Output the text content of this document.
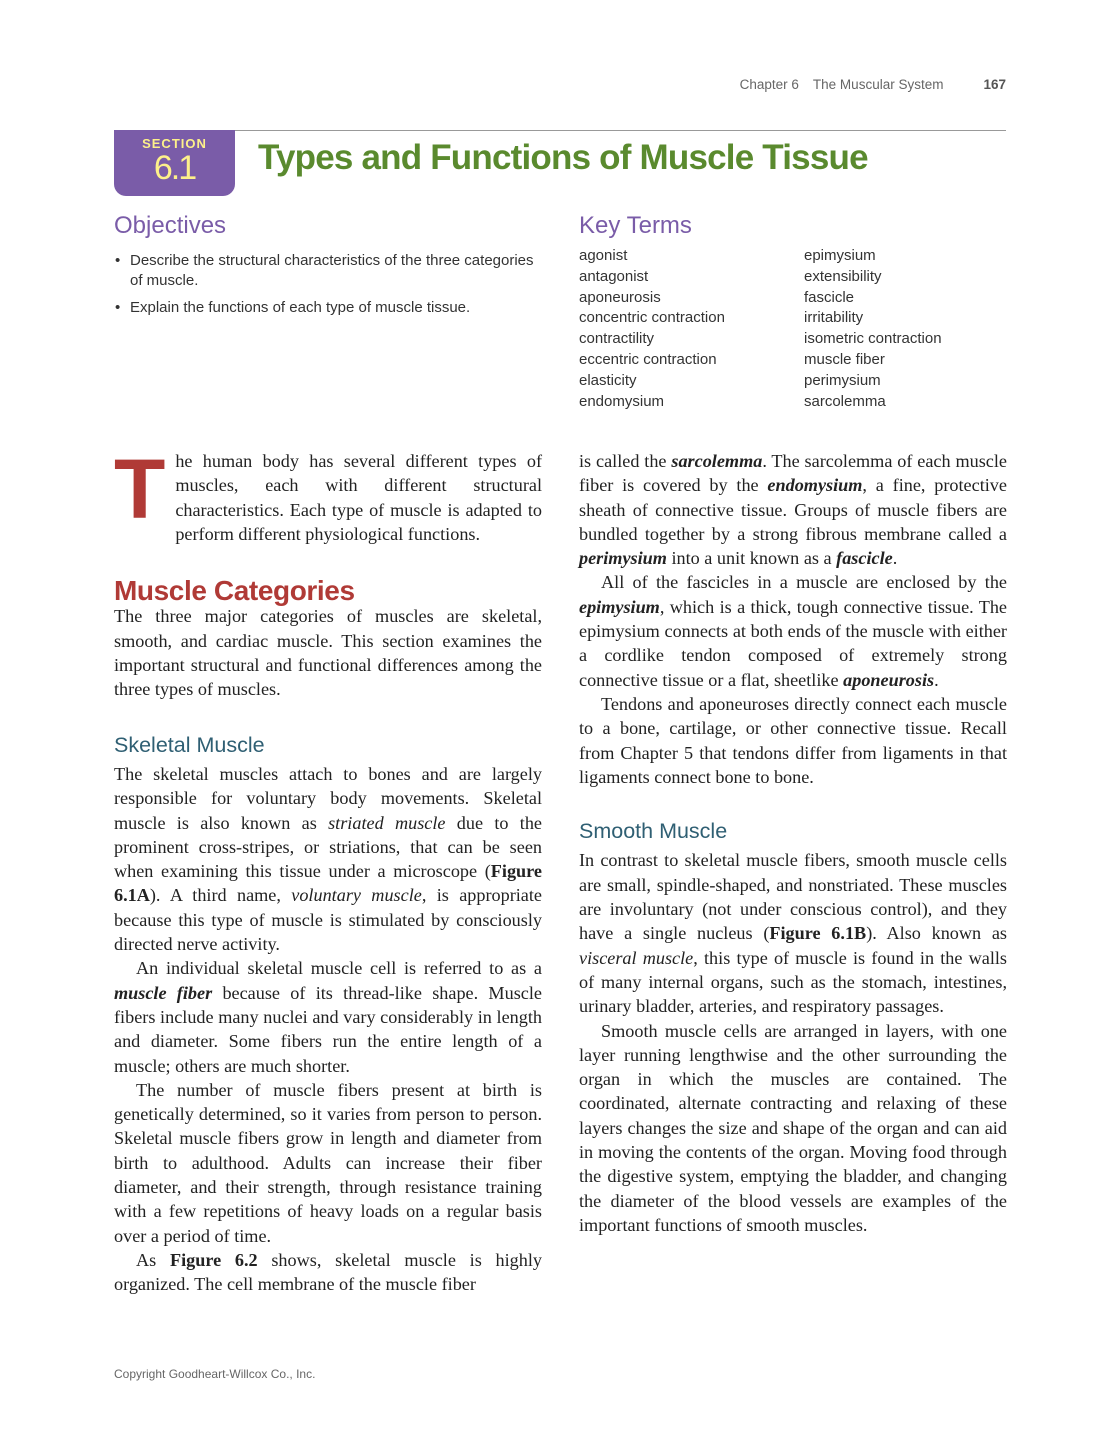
Chapter 6 The Muscular System	167
SECTION
6.1	Types and Functions of Muscle Tissue
Objectives
• Describe the structural characteristics of the three categories of muscle.
• Explain the functions of each type of muscle tissue.
Key Terms
agonist
antagonist
aponeurosis
concentric contraction
contractility
eccentric contraction
elasticity
endomysium
epimysium
extensibility
fascicle
irritability
isometric contraction
muscle fiber
perimysium
sarcolemma

The human body has several different types of muscles, each with different structural characteristics. Each type of muscle is adapted to perform different physiological functions.

Muscle Categories

The three major categories of muscles are skeletal, smooth, and cardiac muscle. This section examines the important structural and functional differences among the three types of muscles.

Skeletal Muscle

The skeletal muscles attach to bones and are largely responsible for voluntary body movements. Skeletal muscle is also known as striated muscle due to the prominent cross-stripes, or striations, that can be seen when examining this tissue under a microscope (Figure 6.1A). A third name, voluntary muscle, is appropriate because this type of muscle is stimulated by consciously directed nerve activity.

An individual skeletal muscle cell is referred to as a muscle fiber because of its thread-like shape. Muscle fibers include many nuclei and vary considerably in length and diameter. Some fibers run the entire length of a muscle; others are much shorter.

The number of muscle fibers present at birth is genetically determined, so it varies from person to person. Skeletal muscle fibers grow in length and diameter from birth to adulthood. Adults can increase their fiber diameter, and their strength, through resistance training with a few repetitions of heavy loads on a regular basis over a period of time.

As Figure 6.2 shows, skeletal muscle is highly organized. The cell membrane of the muscle fiber

is called the sarcolemma. The sarcolemma of each muscle fiber is covered by the endomysium, a fine, protective sheath of connective tissue. Groups of muscle fibers are bundled together by a strong fibrous membrane called a perimysium into a unit known as a fascicle.

All of the fascicles in a muscle are enclosed by the epimysium, which is a thick, tough connective tissue. The epimysium connects at both ends of the muscle with either a cordlike tendon composed of extremely strong connective tissue or a flat, sheetlike aponeurosis.

Tendons and aponeuroses directly connect each muscle to a bone, cartilage, or other connective tissue. Recall from Chapter 5 that tendons differ from ligaments in that ligaments connect bone to bone.

Smooth Muscle

In contrast to skeletal muscle fibers, smooth muscle cells are small, spindle-shaped, and nonstriated. These muscles are involuntary (not under conscious control), and they have a single nucleus (Figure 6.1B). Also known as visceral muscle, this type of muscle is found in the walls of many internal organs, such as the stomach, intestines, urinary bladder, arteries, and respiratory passages.

Smooth muscle cells are arranged in layers, with one layer running lengthwise and the other surrounding the organ in which the muscles are contained. The coordinated, alternate contracting and relaxing of these layers changes the size and shape of the organ and can aid in moving the contents of the organ. Moving food through the digestive system, emptying the bladder, and changing the diameter of the blood vessels are examples of the important functions of smooth muscles.

Copyright Goodheart-Willcox Co., Inc.
